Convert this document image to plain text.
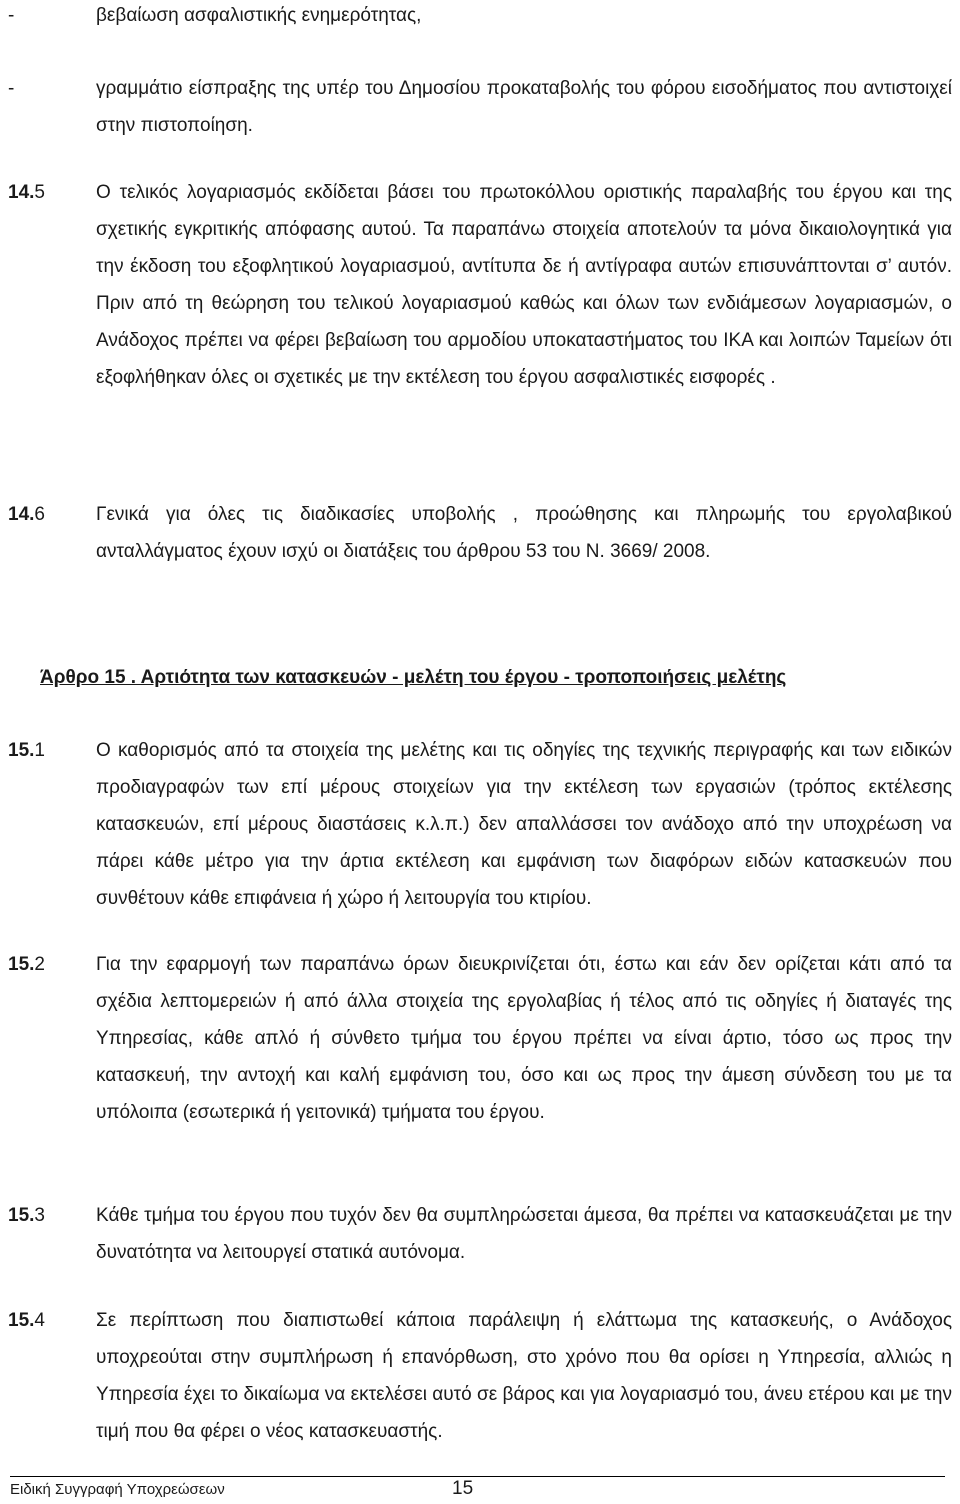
-	βεβαίωση ασφαλιστικής ενημερότητας,
-	γραμμάτιο είσπραξης της υπέρ του Δημοσίου προκαταβολής του φόρου εισοδήματος που αντιστοιχεί στην πιστοποίηση.
14.5	Ο τελικός λογαριασμός εκδίδεται βάσει του πρωτοκόλλου οριστικής παραλαβής του έργου και της σχετικής εγκριτικής απόφασης αυτού. Τα παραπάνω στοιχεία αποτελούν τα μόνα δικαιολογητικά για την έκδοση του εξοφλητικού λογαριασμού, αντίτυπα δε ή αντίγραφα αυτών επισυνάπτονται σ’ αυτόν. Πριν από τη θεώρηση του τελικού λογαριασμού καθώς και όλων των ενδιάμεσων λογαριασμών, ο Ανάδοχος πρέπει να φέρει βεβαίωση του αρμοδίου υποκαταστήματος του ΙΚΑ και λοιπών Ταμείων ότι εξοφλήθηκαν όλες οι σχετικές με την εκτέλεση του έργου ασφαλιστικές εισφορές .
14.6	Γενικά για όλες τις διαδικασίες υποβολής , προώθησης και πληρωμής του εργολαβικού ανταλλάγματος έχουν ισχύ οι διατάξεις του άρθρου 53 του Ν. 3669/ 2008.
Άρθρο 15 . Αρτιότητα των κατασκευών - μελέτη του έργου - τροποποιήσεις μελέτης
15.1	Ο καθορισμός από τα στοιχεία της μελέτης και τις οδηγίες της τεχνικής περιγραφής και των ειδικών προδιαγραφών των επί μέρους στοιχείων για την εκτέλεση των εργασιών (τρόπος εκτέλεσης κατασκευών, επί μέρους διαστάσεις κ.λ.π.) δεν απαλλάσσει τον ανάδοχο από την υποχρέωση να πάρει κάθε μέτρο για την άρτια εκτέλεση και εμφάνιση των διαφόρων ειδών κατασκευών που συνθέτουν κάθε επιφάνεια ή χώρο ή λειτουργία του κτιρίου.
15.2	Για την εφαρμογή των παραπάνω όρων διευκρινίζεται ότι, έστω και εάν δεν ορίζεται κάτι από τα σχέδια λεπτομερειών ή από άλλα στοιχεία της εργολαβίας ή τέλος από τις οδηγίες ή διαταγές της Υπηρεσίας, κάθε απλό ή σύνθετο τμήμα του έργου πρέπει να είναι άρτιο, τόσο ως προς την κατασκευή, την αντοχή και καλή εμφάνιση του, όσο και ως προς την άμεση σύνδεση του με τα υπόλοιπα (εσωτερικά ή γειτονικά) τμήματα του έργου.
15.3	Κάθε τμήμα του έργου που τυχόν δεν θα συμπληρώσεται άμεσα, θα πρέπει να κατασκευάζεται με την δυνατότητα να λειτουργεί στατικά αυτόνομα.
15.4	Σε περίπτωση που διαπιστωθεί κάποια παράλειψη ή ελάττωμα της κατασκευής, ο Ανάδοχος υποχρεούται στην συμπλήρωση ή επανόρθωση, στο χρόνο που θα ορίσει η Υπηρεσία, αλλιώς η Υπηρεσία έχει το δικαίωμα να εκτελέσει αυτό σε βάρος και για λογαριασμό του, άνευ ετέρου και με την τιμή που θα φέρει ο νέος κατασκευαστής.
Ειδική Συγγραφή Υποχρεώσεων	15
